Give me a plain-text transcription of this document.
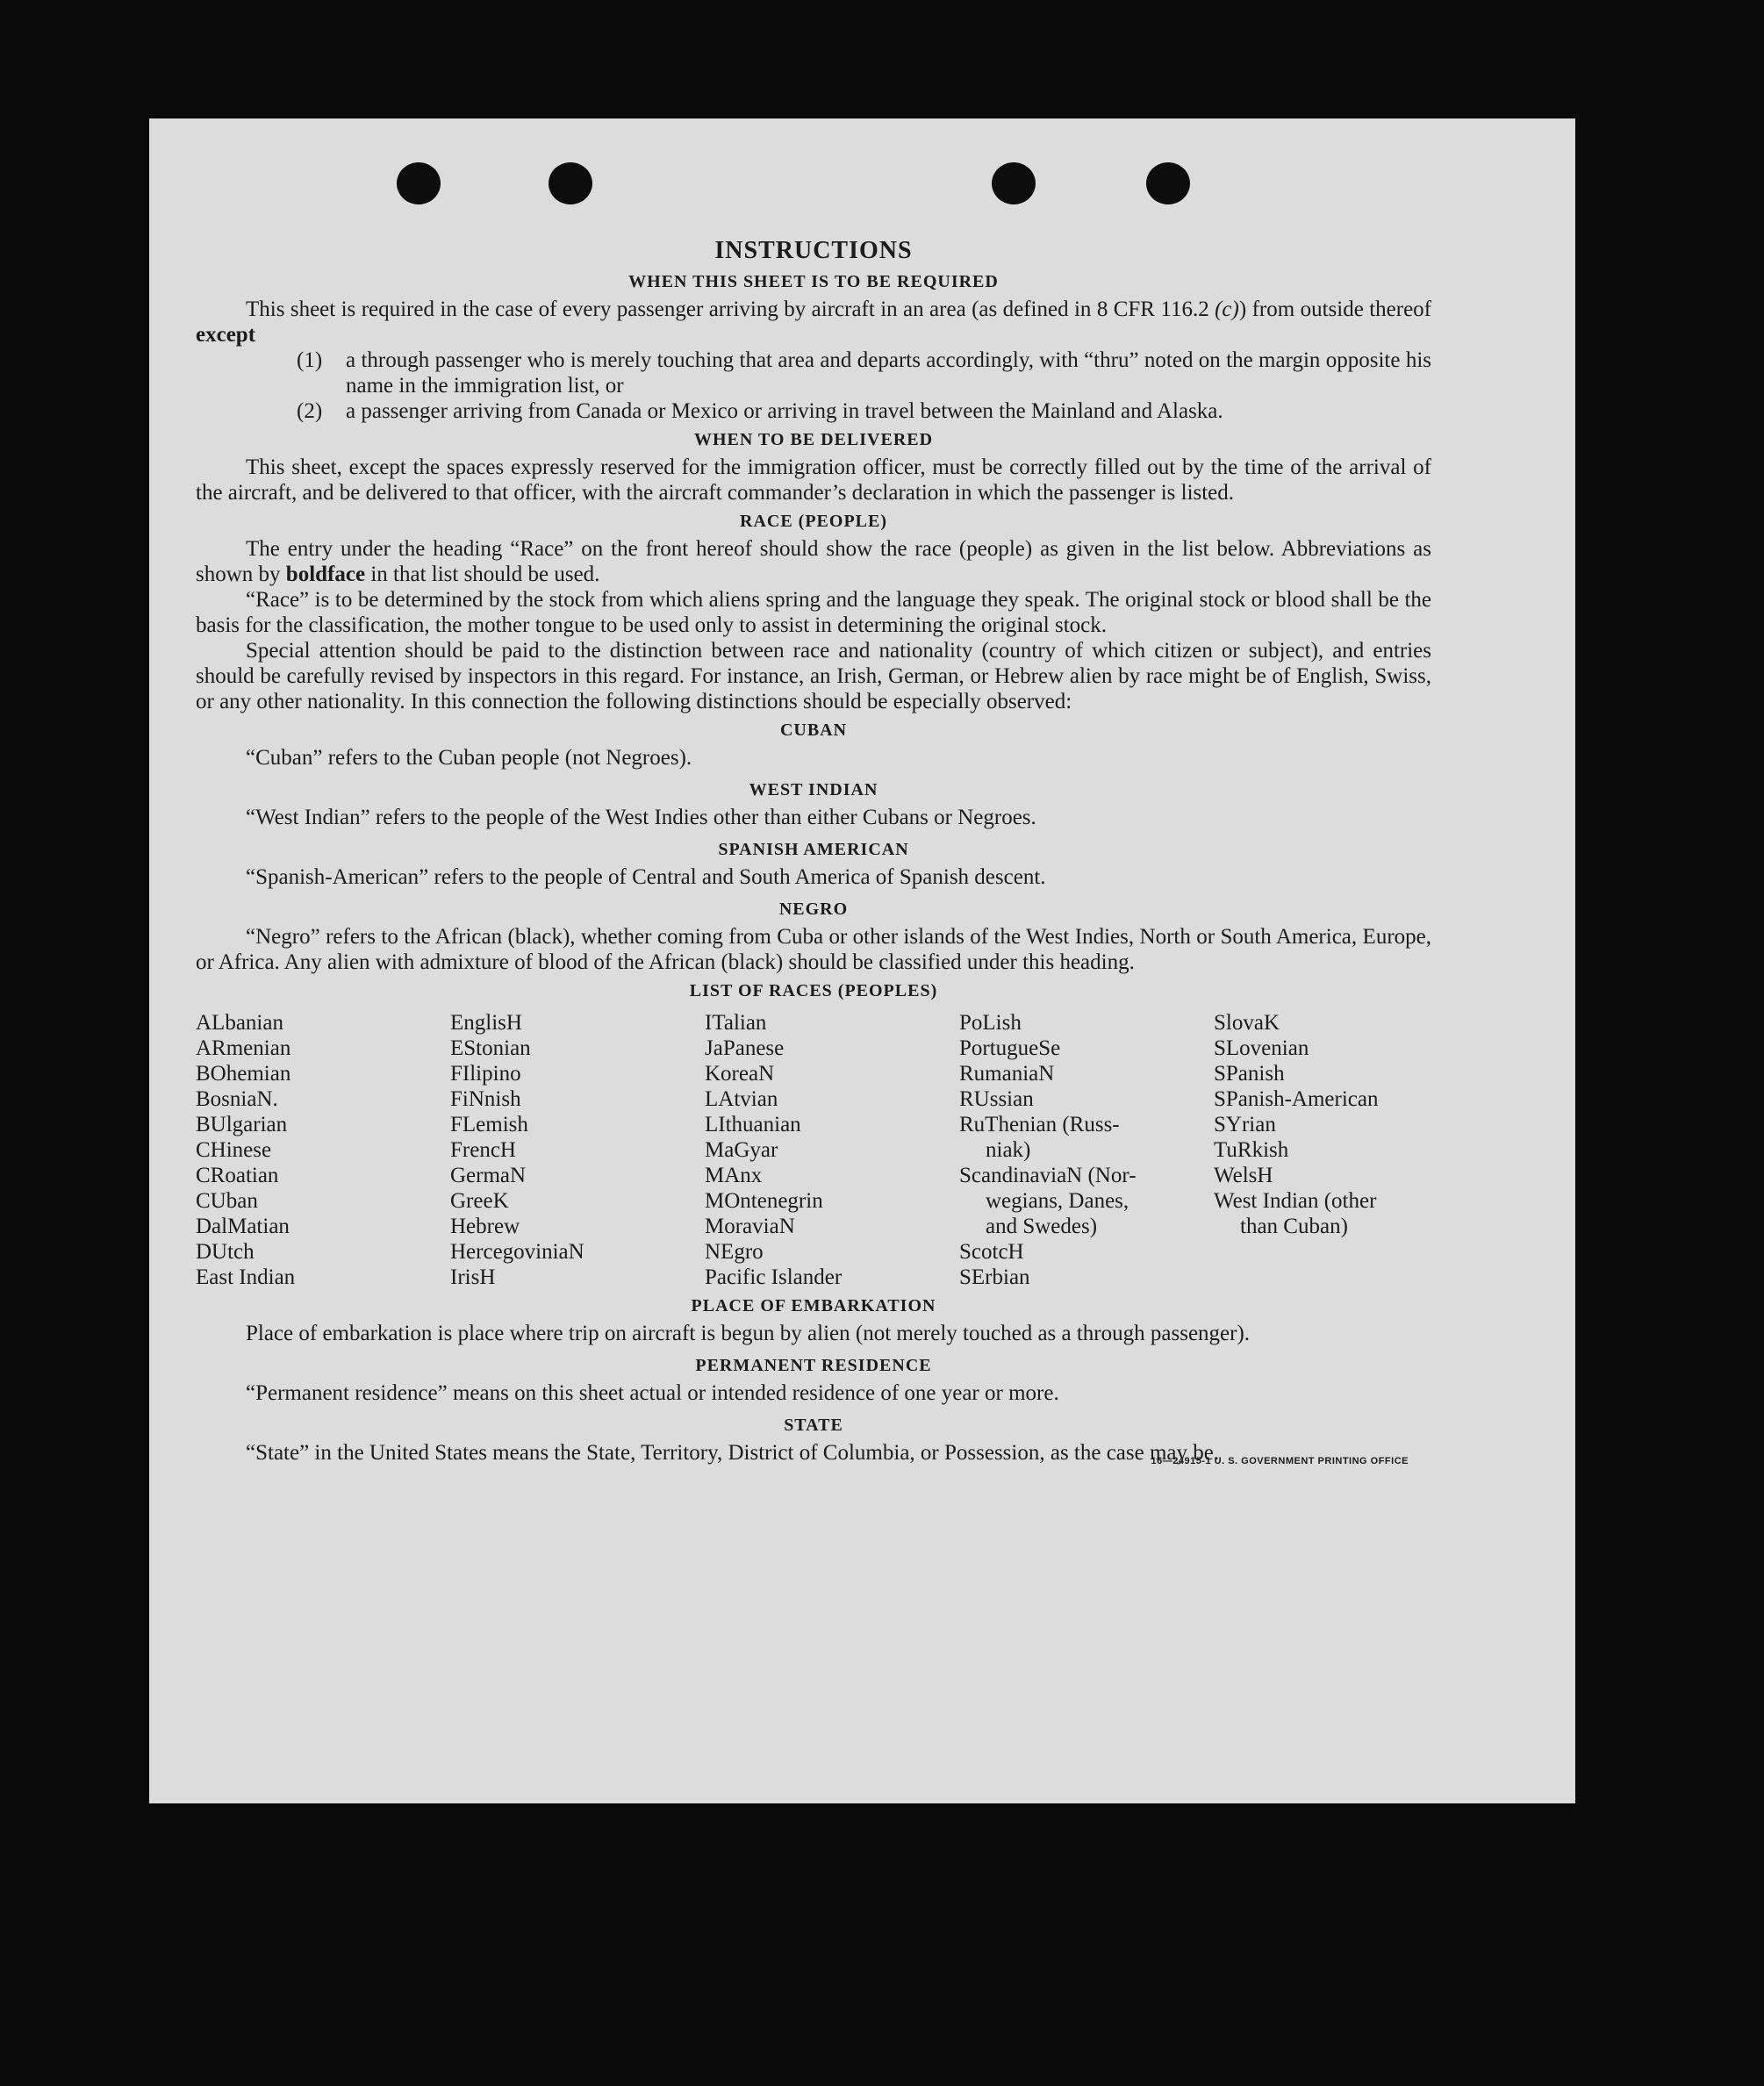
INSTRUCTIONS
WHEN THIS SHEET IS TO BE REQUIRED

This sheet is required in the case of every passenger arriving by aircraft in an area (as defined in 8 CFR 116.2 (c)) from outside thereof except

(1)	a through passenger who is merely touching that area and departs accordingly, with “thru” noted on the margin opposite his name in the immigration list, or
(2)	a passenger arriving from Canada or Mexico or arriving in travel between the Mainland and Alaska.
WHEN TO BE DELIVERED

This sheet, except the spaces expressly reserved for the immigration officer, must be correctly filled out by the time of the arrival of the aircraft, and be delivered to that officer, with the aircraft commander’s declaration in which the passenger is listed.

RACE (PEOPLE)

The entry under the heading “Race” on the front hereof should show the race (people) as given in the list below. Abbreviations as shown by boldface in that list should be used.

“Race” is to be determined by the stock from which aliens spring and the language they speak. The original stock or blood shall be the basis for the classification, the mother tongue to be used only to assist in determining the original stock.

Special attention should be paid to the distinction between race and nationality (country of which citizen or subject), and entries should be carefully revised by inspectors in this regard. For instance, an Irish, German, or Hebrew alien by race might be of English, Swiss, or any other nationality. In this connection the following distinctions should be especially observed:

CUBAN

“Cuban” refers to the Cuban people (not Negroes).

WEST INDIAN

“West Indian” refers to the people of the West Indies other than either Cubans or Negroes.

SPANISH AMERICAN

“Spanish-American” refers to the people of Central and South America of Spanish descent.

NEGRO

“Negro” refers to the African (black), whether coming from Cuba or other islands of the West Indies, North or South America, Europe, or Africa. Any alien with admixture of blood of the African (black) should be classified under this heading.

LIST OF RACES (PEOPLES)
ALbanian
ARmenian
BOhemian
BosniaN.
BUlgarian
CHinese
CRoatian
CUban
DalMatian
DUtch
East Indian
EnglisH
EStonian
FIlipino
FiNnish
FLemish
FrencH
GermaN
GreeK
Hebrew
HercegoviniaN
IrisH
ITalian
JaPanese
KoreaN
LAtvian
LIthuanian
MaGyar
MAnx
MOntenegrin
MoraviaN
NEgro
Pacific Islander
PoLish
PortugueSe
RumaniaN
RUssian
RuThenian (Russ-
niak)
ScandinaviaN (Nor-
wegians, Danes,
and Swedes)
ScotcH
SErbian
SlovaK
SLovenian
SPanish
SPanish-American
SYrian
TuRkish
WelsH
West Indian (other
than Cuban)
PLACE OF EMBARKATION

Place of embarkation is place where trip on aircraft is begun by alien (not merely touched as a through passenger).

PERMANENT RESIDENCE

“Permanent residence” means on this sheet actual or intended residence of one year or more.

STATE

“State” in the United States means the State, Territory, District of Columbia, or Possession, as the case may be.

16—24915-1 U. S. GOVERNMENT PRINTING OFFICE
